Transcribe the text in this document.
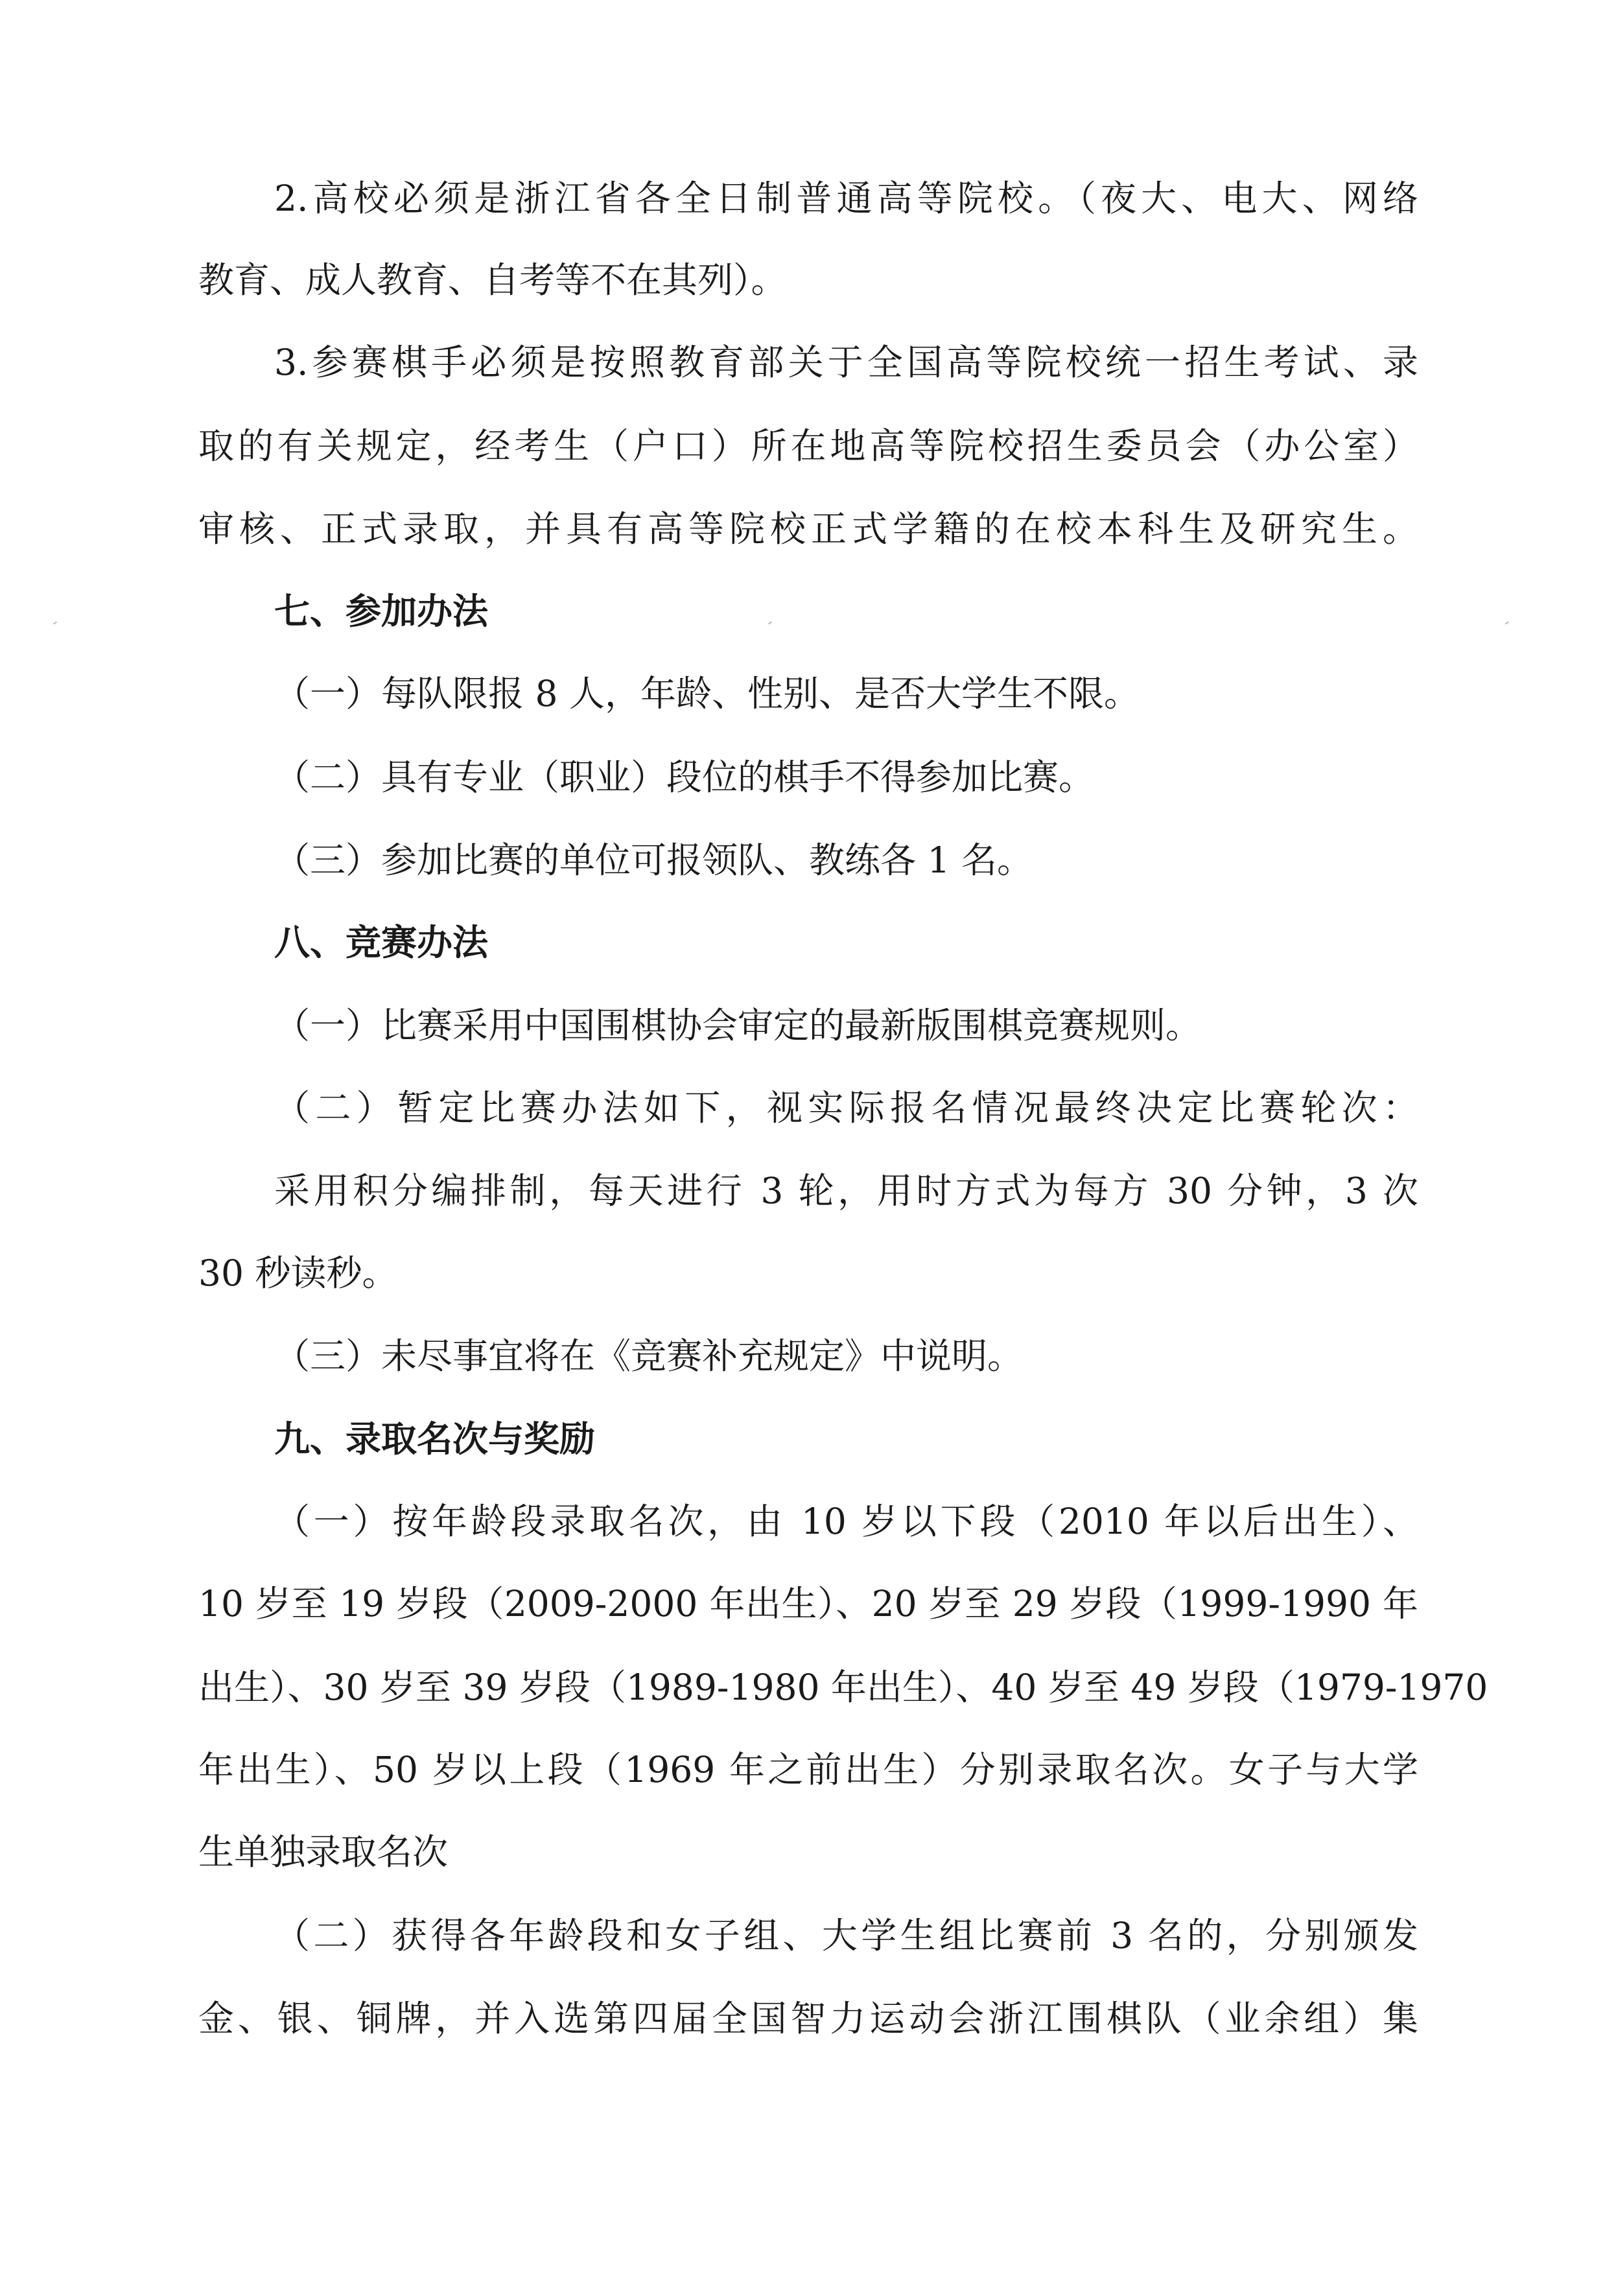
2.高校必须是浙江省各全日制普通高等院校。（夜大、电大、网络
教育、成人教育、自考等不在其列）。
3.参赛棋手必须是按照教育部关于全国高等院校统一招生考试、录
取的有关规定，经考生（户口）所在地高等院校招生委员会（办公室）
审核、正式录取，并具有高等院校正式学籍的在校本科生及研究生。
七、参加办法
（一）每队限报 8 人，年龄、性别、是否大学生不限。
（二）具有专业（职业）段位的棋手不得参加比赛。
（三）参加比赛的单位可报领队、教练各 1 名。
八、竞赛办法
（一）比赛采用中国围棋协会审定的最新版围棋竞赛规则。
（二）暂定比赛办法如下，视实际报名情况最终决定比赛轮次：
采用积分编排制，每天进行 3 轮，用时方式为每方 30 分钟，3 次
30 秒读秒。
（三）未尽事宜将在《竞赛补充规定》中说明。
九、录取名次与奖励
（一）按年龄段录取名次，由 10 岁以下段（2010 年以后出生）、
10 岁至 19 岁段（2009-2000 年出生）、20 岁至 29 岁段（1999-1990 年
出生）、30 岁至 39 岁段（1989-1980 年出生）、40 岁至 49 岁段（1979-1970
年出生）、50 岁以上段（1969 年之前出生）分别录取名次。女子与大学
生单独录取名次
（二）获得各年龄段和女子组、大学生组比赛前 3 名的，分别颁发
金、银、铜牌，并入选第四届全国智力运动会浙江围棋队（业余组）集
